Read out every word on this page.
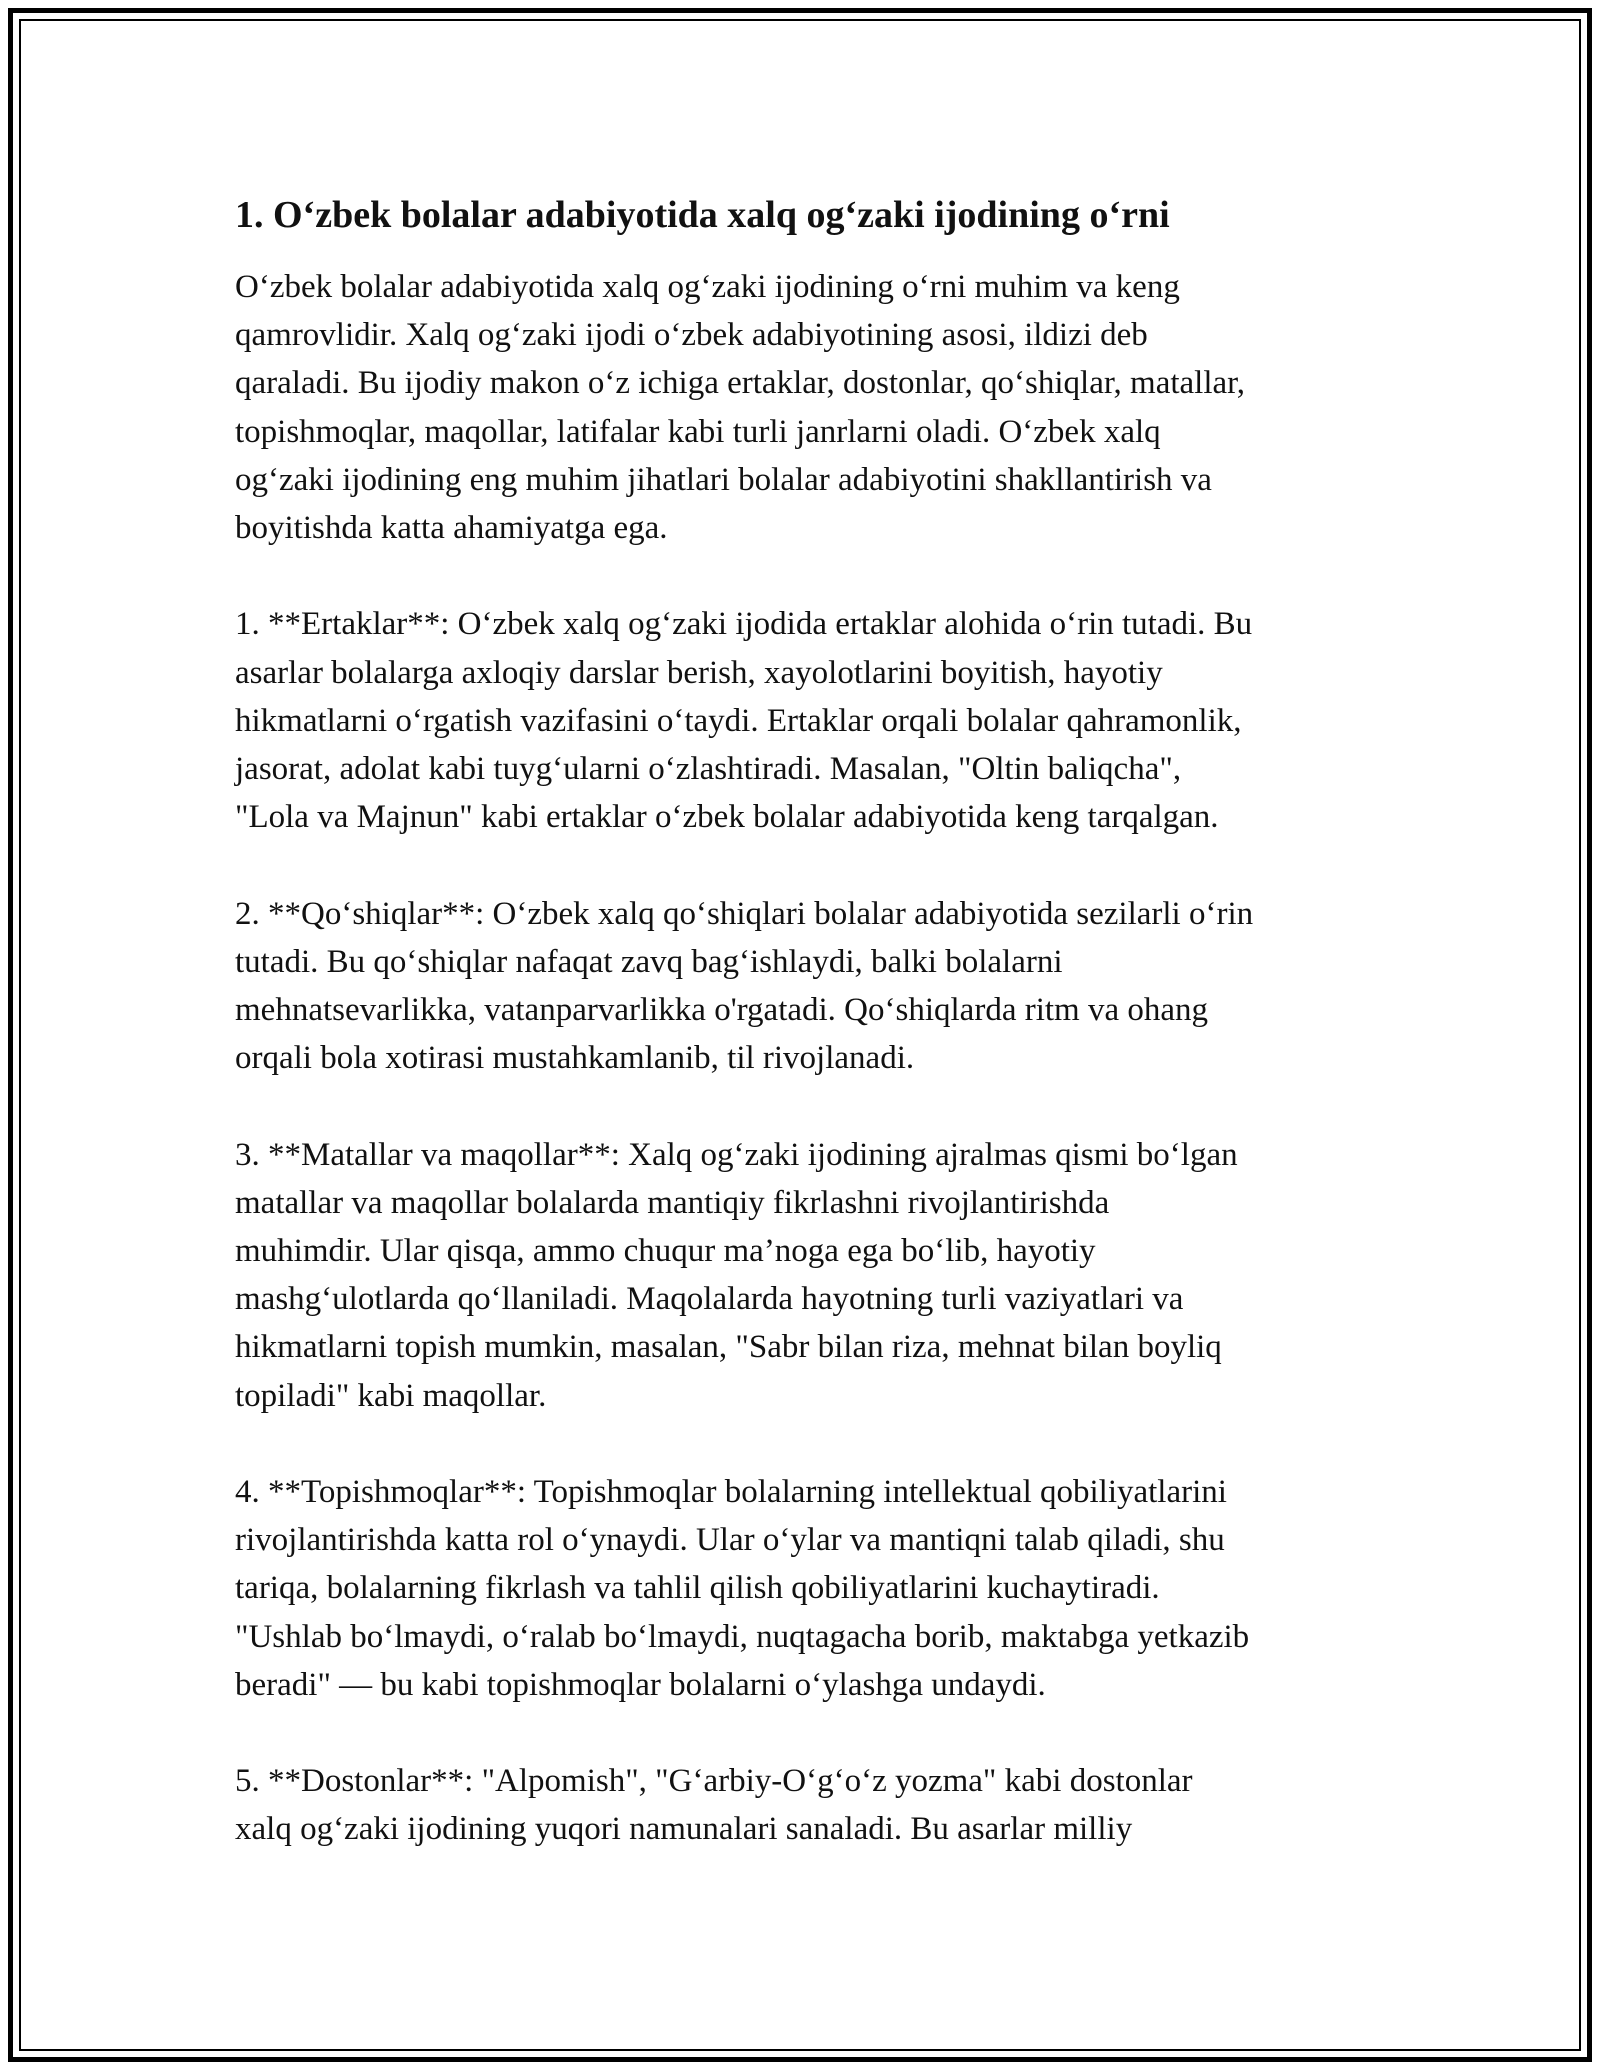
1. O‘zbek bolalar adabiyotida xalq og‘zaki ijodining o‘rni

O‘zbek bolalar adabiyotida xalq og‘zaki ijodining o‘rni muhim va keng
qamrovlidir. Xalq og‘zaki ijodi o‘zbek adabiyotining asosi, ildizi deb
qaraladi. Bu ijodiy makon o‘z ichiga ertaklar, dostonlar, qo‘shiqlar, matallar,
topishmoqlar, maqollar, latifalar kabi turli janrlarni oladi. O‘zbek xalq
og‘zaki ijodining eng muhim jihatlari bolalar adabiyotini shakllantirish va
boyitishda katta ahamiyatga ega.

1. **Ertaklar**: O‘zbek xalq og‘zaki ijodida ertaklar alohida o‘rin tutadi. Bu
asarlar bolalarga axloqiy darslar berish, xayolotlarini boyitish, hayotiy
hikmatlarni o‘rgatish vazifasini o‘taydi. Ertaklar orqali bolalar qahramonlik,
jasorat, adolat kabi tuyg‘ularni o‘zlashtiradi. Masalan, "Oltin baliqcha",
"Lola va Majnun" kabi ertaklar o‘zbek bolalar adabiyotida keng tarqalgan.

2. **Qo‘shiqlar**: O‘zbek xalq qo‘shiqlari bolalar adabiyotida sezilarli o‘rin
tutadi. Bu qo‘shiqlar nafaqat zavq bag‘ishlaydi, balki bolalarni
mehnatsevarlikka, vatanparvarlikka o'rgatadi. Qo‘shiqlarda ritm va ohang
orqali bola xotirasi mustahkamlanib, til rivojlanadi.

3. **Matallar va maqollar**: Xalq og‘zaki ijodining ajralmas qismi bo‘lgan
matallar va maqollar bolalarda mantiqiy fikrlashni rivojlantirishda
muhimdir. Ular qisqa, ammo chuqur ma’noga ega bo‘lib, hayotiy
mashg‘ulotlarda qo‘llaniladi. Maqolalarda hayotning turli vaziyatlari va
hikmatlarni topish mumkin, masalan, "Sabr bilan riza, mehnat bilan boyliq
topiladi" kabi maqollar.

4. **Topishmoqlar**: Topishmoqlar bolalarning intellektual qobiliyatlarini
rivojlantirishda katta rol o‘ynaydi. Ular o‘ylar va mantiqni talab qiladi, shu
tariqa, bolalarning fikrlash va tahlil qilish qobiliyatlarini kuchaytiradi.
"Ushlab bo‘lmaydi, o‘ralab bo‘lmaydi, nuqtagacha borib, maktabga yetkazib
beradi" — bu kabi topishmoqlar bolalarni o‘ylashga undaydi.

5. **Dostonlar**: "Alpomish", "G‘arbiy-O‘g‘o‘z yozma" kabi dostonlar
xalq og‘zaki ijodining yuqori namunalari sanaladi. Bu asarlar milliy
